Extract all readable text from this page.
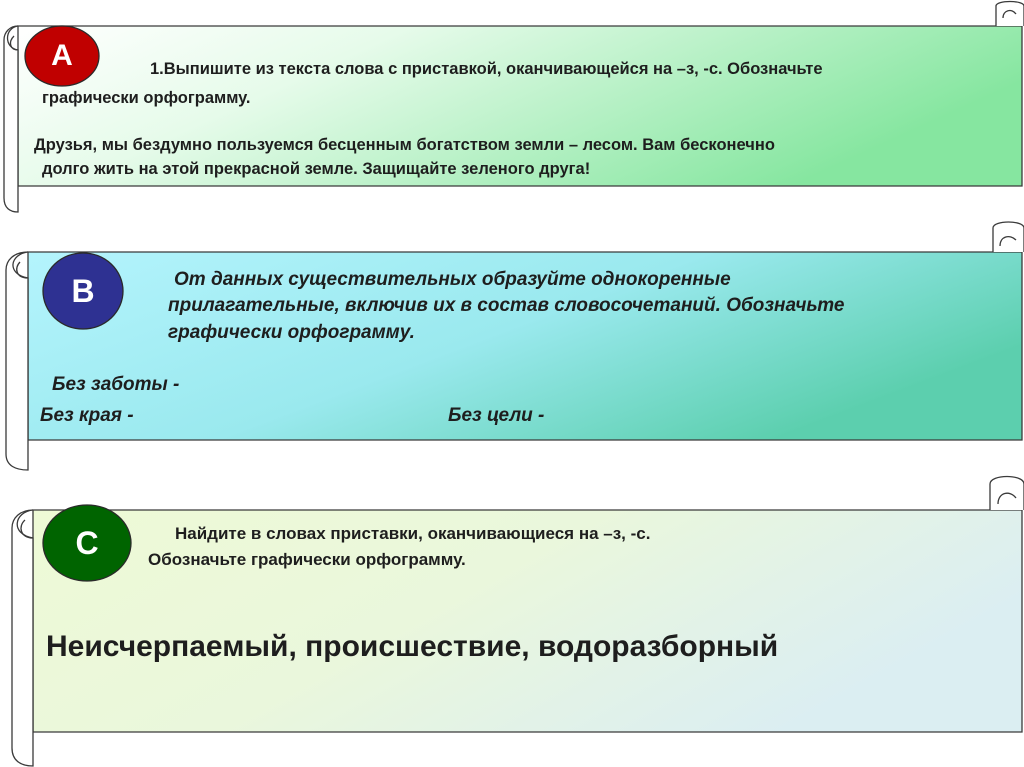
A
B
C
1.Выпишите из текста слова с приставкой, оканчивающейся на –з, -с. Обозначьте
графически орфограмму.
Друзья, мы бездумно пользуемся бесценным богатством земли – лесом. Вам бесконечно
долго жить на этой прекрасной земле. Защищайте зеленого друга!
От данных существительных образуйте однокоренные
прилагательные, включив их в состав словосочетаний. Обозначьте
графически орфограмму.
Без заботы -
Без края -	Без цели -
Найдите в словах приставки, оканчивающиеся на –з, -с.
Обозначьте графически орфограмму.
Неисчерпаемый, происшествие, водоразборный
